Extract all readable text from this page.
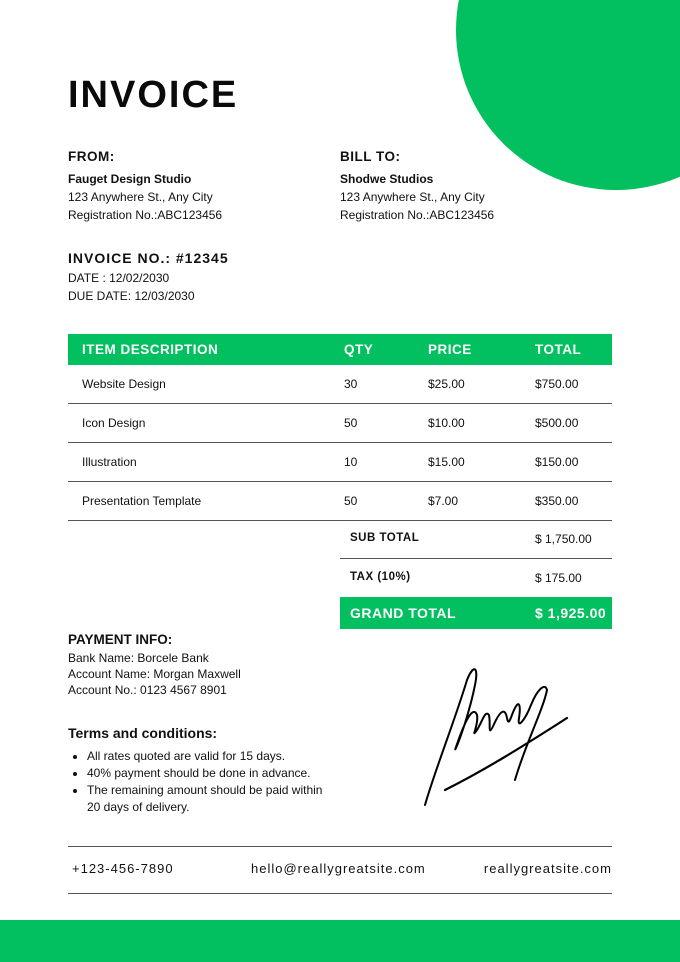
INVOICE
FROM:
Fauget Design Studio
123 Anywhere St., Any City
Registration No.:ABC123456
BILL TO:
Shodwe Studios
123 Anywhere St., Any City
Registration No.:ABC123456
INVOICE NO.: #12345
DATE : 12/02/2030
DUE DATE: 12/03/2030
ITEM DESCRIPTION	QTY	PRICE	TOTAL
Website Design	30	$25.00	$750.00
Icon Design	50	$10.00	$500.00
Illustration	10	$15.00	$150.00
Presentation Template	50	$7.00	$350.00
SUB TOTAL	$ 1,750.00
TAX (10%)	$ 175.00
GRAND TOTAL	$ 1,925.00
PAYMENT INFO:
Bank Name: Borcele Bank
Account Name: Morgan Maxwell
Account No.: 0123 4567 8901
Terms and conditions:
• All rates quoted are valid for 15 days.
• 40% payment should be done in advance.
• The remaining amount should be paid within 20 days of delivery.
+123-456-7890	hello@reallygreatsite.com	reallygreatsite.com
